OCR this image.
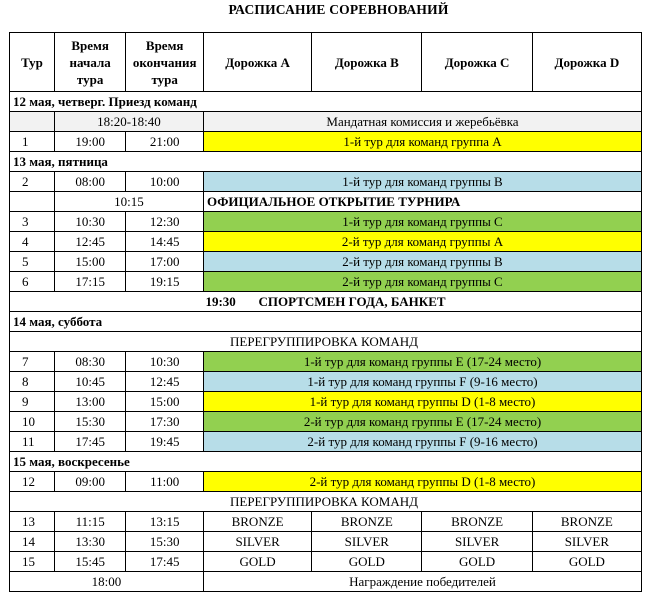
РАСПИСАНИЕ СОРЕВНОВАНИЙ
Тур	Время начала тура	Время окончания тура	Дорожка А	Дорожка В	Дорожка С	Дорожка D
12 мая, четверг. Приезд команд						
	18:20-18:40		Мандатная комиссия и жеребьёвка			
1	19:00	21:00	1-й тур для команд группа А			
13 мая, пятница						
2	08:00	10:00	1-й тур для команд группы В			
	10:15		ОФИЦИАЛЬНОЕ ОТКРЫТИЕ ТУРНИРА			
3	10:30	12:30	1-й тур для команд группы С			
4	12:45	14:45	2-й тур для команд группы А			
5	15:00	17:00	2-й тур для команд группы В			
6	17:15	19:15	2-й тур для команд группы С			
19:30 СПОРТСМЕН ГОДА, БАНКЕТ						
14 мая, суббота						
ПЕРЕГРУППИРОВКА КОМАНД						
7	08:30	10:30	1-й тур для команд группы Е (17-24 место)			
8	10:45	12:45	1-й тур для команд группы F (9-16 место)			
9	13:00	15:00	1-й тур для команд группы D (1-8 место)			
10	15:30	17:30	2-й тур для команд группы Е (17-24 место)			
11	17:45	19:45	2-й тур для команд группы F (9-16 место)			
15 мая, воскресенье						
12	09:00	11:00	2-й тур для команд группы D (1-8 место)			
ПЕРЕГРУППИРОВКА КОМАНД						
13	11:15	13:15	BRONZE	BRONZE	BRONZE	BRONZE
14	13:30	15:30	SILVER	SILVER	SILVER	SILVER
15	15:45	17:45	GOLD	GOLD	GOLD	GOLD
18:00			Награждение победителей			
